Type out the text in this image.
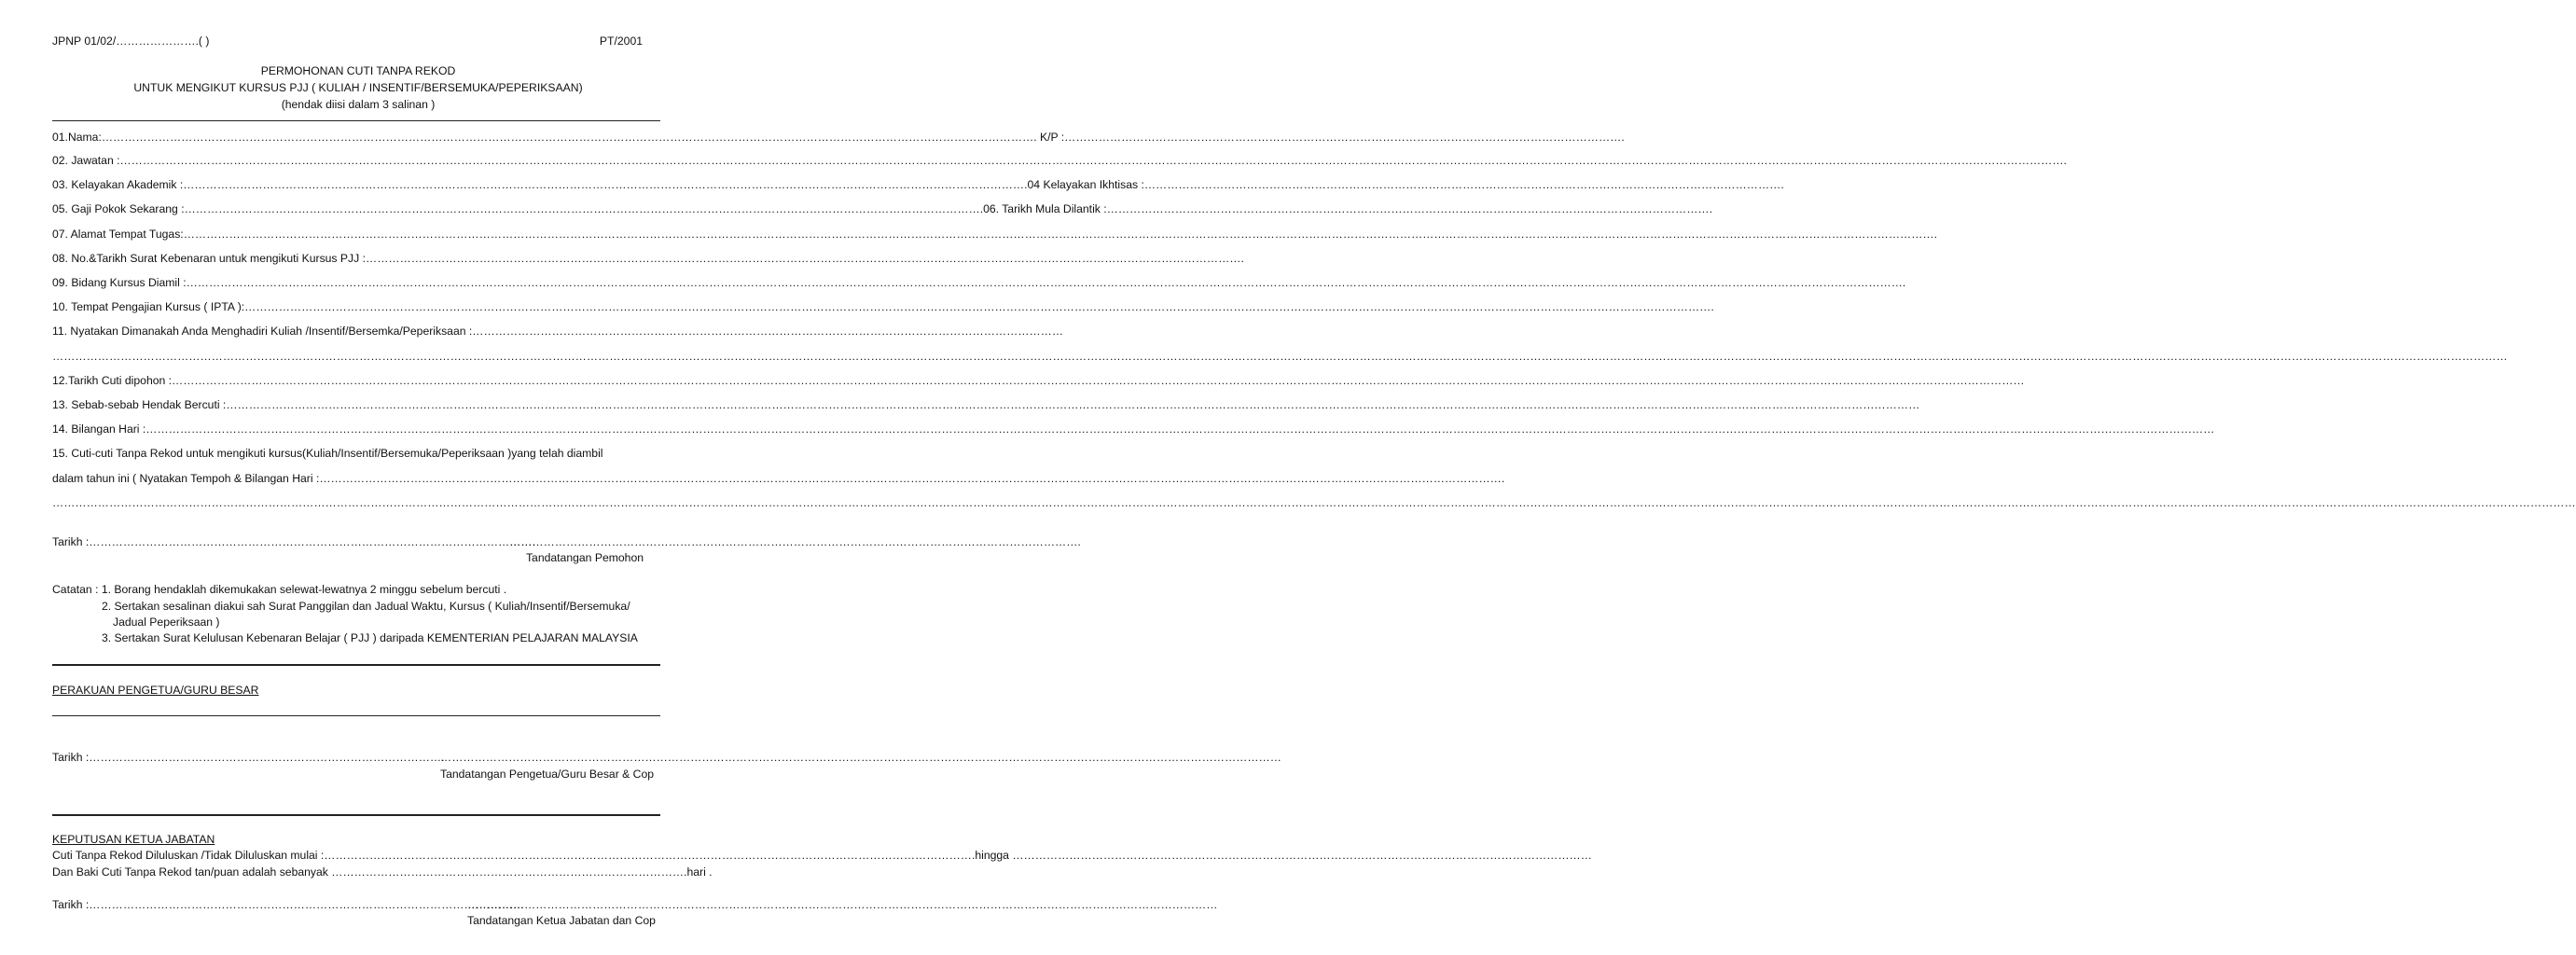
JPNP 01/02/………………….( )	PT/2001
PERMOHONAN CUTI TANPA REKOD
UNTUK MENGIKUT KURSUS PJJ ( KULIAH / INSENTIF/BERSEMUKA/PEPERIKSAAN)
(hendak diisi dalam 3 salinan )
01.Nama:…………………………………………………………………………………………………………………………………………………………………………………………………………………………. K/P :………………………………………………………………………………………………………………………………….
02. Jawatan :……………………………………………………………………………………………………………………………………………………………………………………………………………………………………………………………………………………………………………………………………………………………………………………………………………………………………………………………………….
03. Kelayakan Akademik :…………………………………………………………………………………………………………………………………………………………………………………………………….04 Kelayakan Ikhtisas :…………………………………………………………………………………………………………………………………………………….
05. Gaji Pokok Sekarang :………………………………………………………………………………………………………………………………………………………………………………………….06. Tarikh Mula Dilantik :…………………………………………………………………………………………………………………………………………….
07. Alamat Tempat Tugas:………………………………………………………………………………………………………………………………………………………………………………………………………………………………………………………………………………………………………………………………………………………………………………………………………………………….
08. No.&Tarikh Surat Kebenaran untuk mengikuti Kursus PJJ :…………………………………………………………………………………………………………………………………………………………………………………………………………….
09. Bidang Kursus Diamil :………………………………………………………………………………………………………………………………………………………………………………………………………………………………………………………………………………………………………………………………………………………………………………………………………………….
10. Tempat Pengajian Kursus ( IPTA ):……………………………………………………………………………………………………………………………………………………………………………………………………………………………………………………………………………………………………………………………………………………….
11. Nyatakan Dimanakah Anda Menghadiri Kuliah /Insentif/Bersemka/Peperiksaan :…………………………………………………………………………………………………………………………………………
………………………………………………………………………………………………………………………………………………………………………………………………………………………………………………………………………………………………………………………………………………………………………………………………………………………………………………………………………………………………………………………………………………………………………………………………
12.Tarikh Cuti dipohon :…………………………………………………………………………………………………………………………………………………………………………………………………………………………………………………………………………………………………………………………………………………………………………………………………………………………………………………
13. Sebab-sebab Hendak Bercuti :……………………………………………………………………………………………………………………………………………………………………………………………………………………………………………………………………………………………………………………………………………………………………………………………………………
14. Bilangan Hari :……………………………………………………………………………………………………………………………………………………………………………………………………………………………………………………………………………………………………………………………………………………………………………………………………………………………………………………………………………………………………
15. Cuti-cuti Tanpa Rekod untuk mengikuti kursus(Kuliah/Insentif/Bersemuka/Peperiksaan )yang telah diambil
dalam tahun ini ( Nyatakan Tempoh & Bilangan Hari :…………………………………………………………………………………………………………………………………………………………………………………………………………………………………………………………………………………….
………………………………………………………………………………………………………………………………………………………………………………………………………………………………………………………………………………………………………………………………………………………………………………………………………………………………………………………………………………………………………………………………………………………………………………………………………………
Tarikh :……………………………………………………………………………………………………….
…………………………………………………………………………………………………………………………………….
Tandatangan Pemohon
Catatan : 1. Borang hendaklah dikemukakan selewat-lewatnya 2 minggu sebelum bercuti .
2. Sertakan sesalinan diakui sah Surat Panggilan dan Jadual Waktu, Kursus ( Kuliah/Insentif/Bersemuka/
Jadual Peperiksaan )
3. Sertakan Surat Kelulusan Kebenaran Belajar ( PJJ ) daripada KEMENTERIAN PELAJARAN MALAYSIA
PERAKUAN PENGETUA/GURU BESAR
Tarikh :………………………………………………………………………………….
……………………………………………………………………………………………………………………………………………………………………………………………………
Tandatangan Pengetua/Guru Besar & Cop
KEPUTUSAN KETUA JABATAN
Cuti Tanpa Rekod Diluluskan /Tidak Diluluskan mulai :……………………………………………………………………………………………………………………………………………………….hingga ………………………………………………………………………………………………………………………………………
Dan Baki Cuti Tanpa Rekod tan/puan adalah sebanyak ………………………………………………………………………………….hari .
Tarikh :…………………………………………………………………………………………………….
………………………………………………………………………………………………………………………………………………………………………………
Tandatangan Ketua Jabatan dan Cop
